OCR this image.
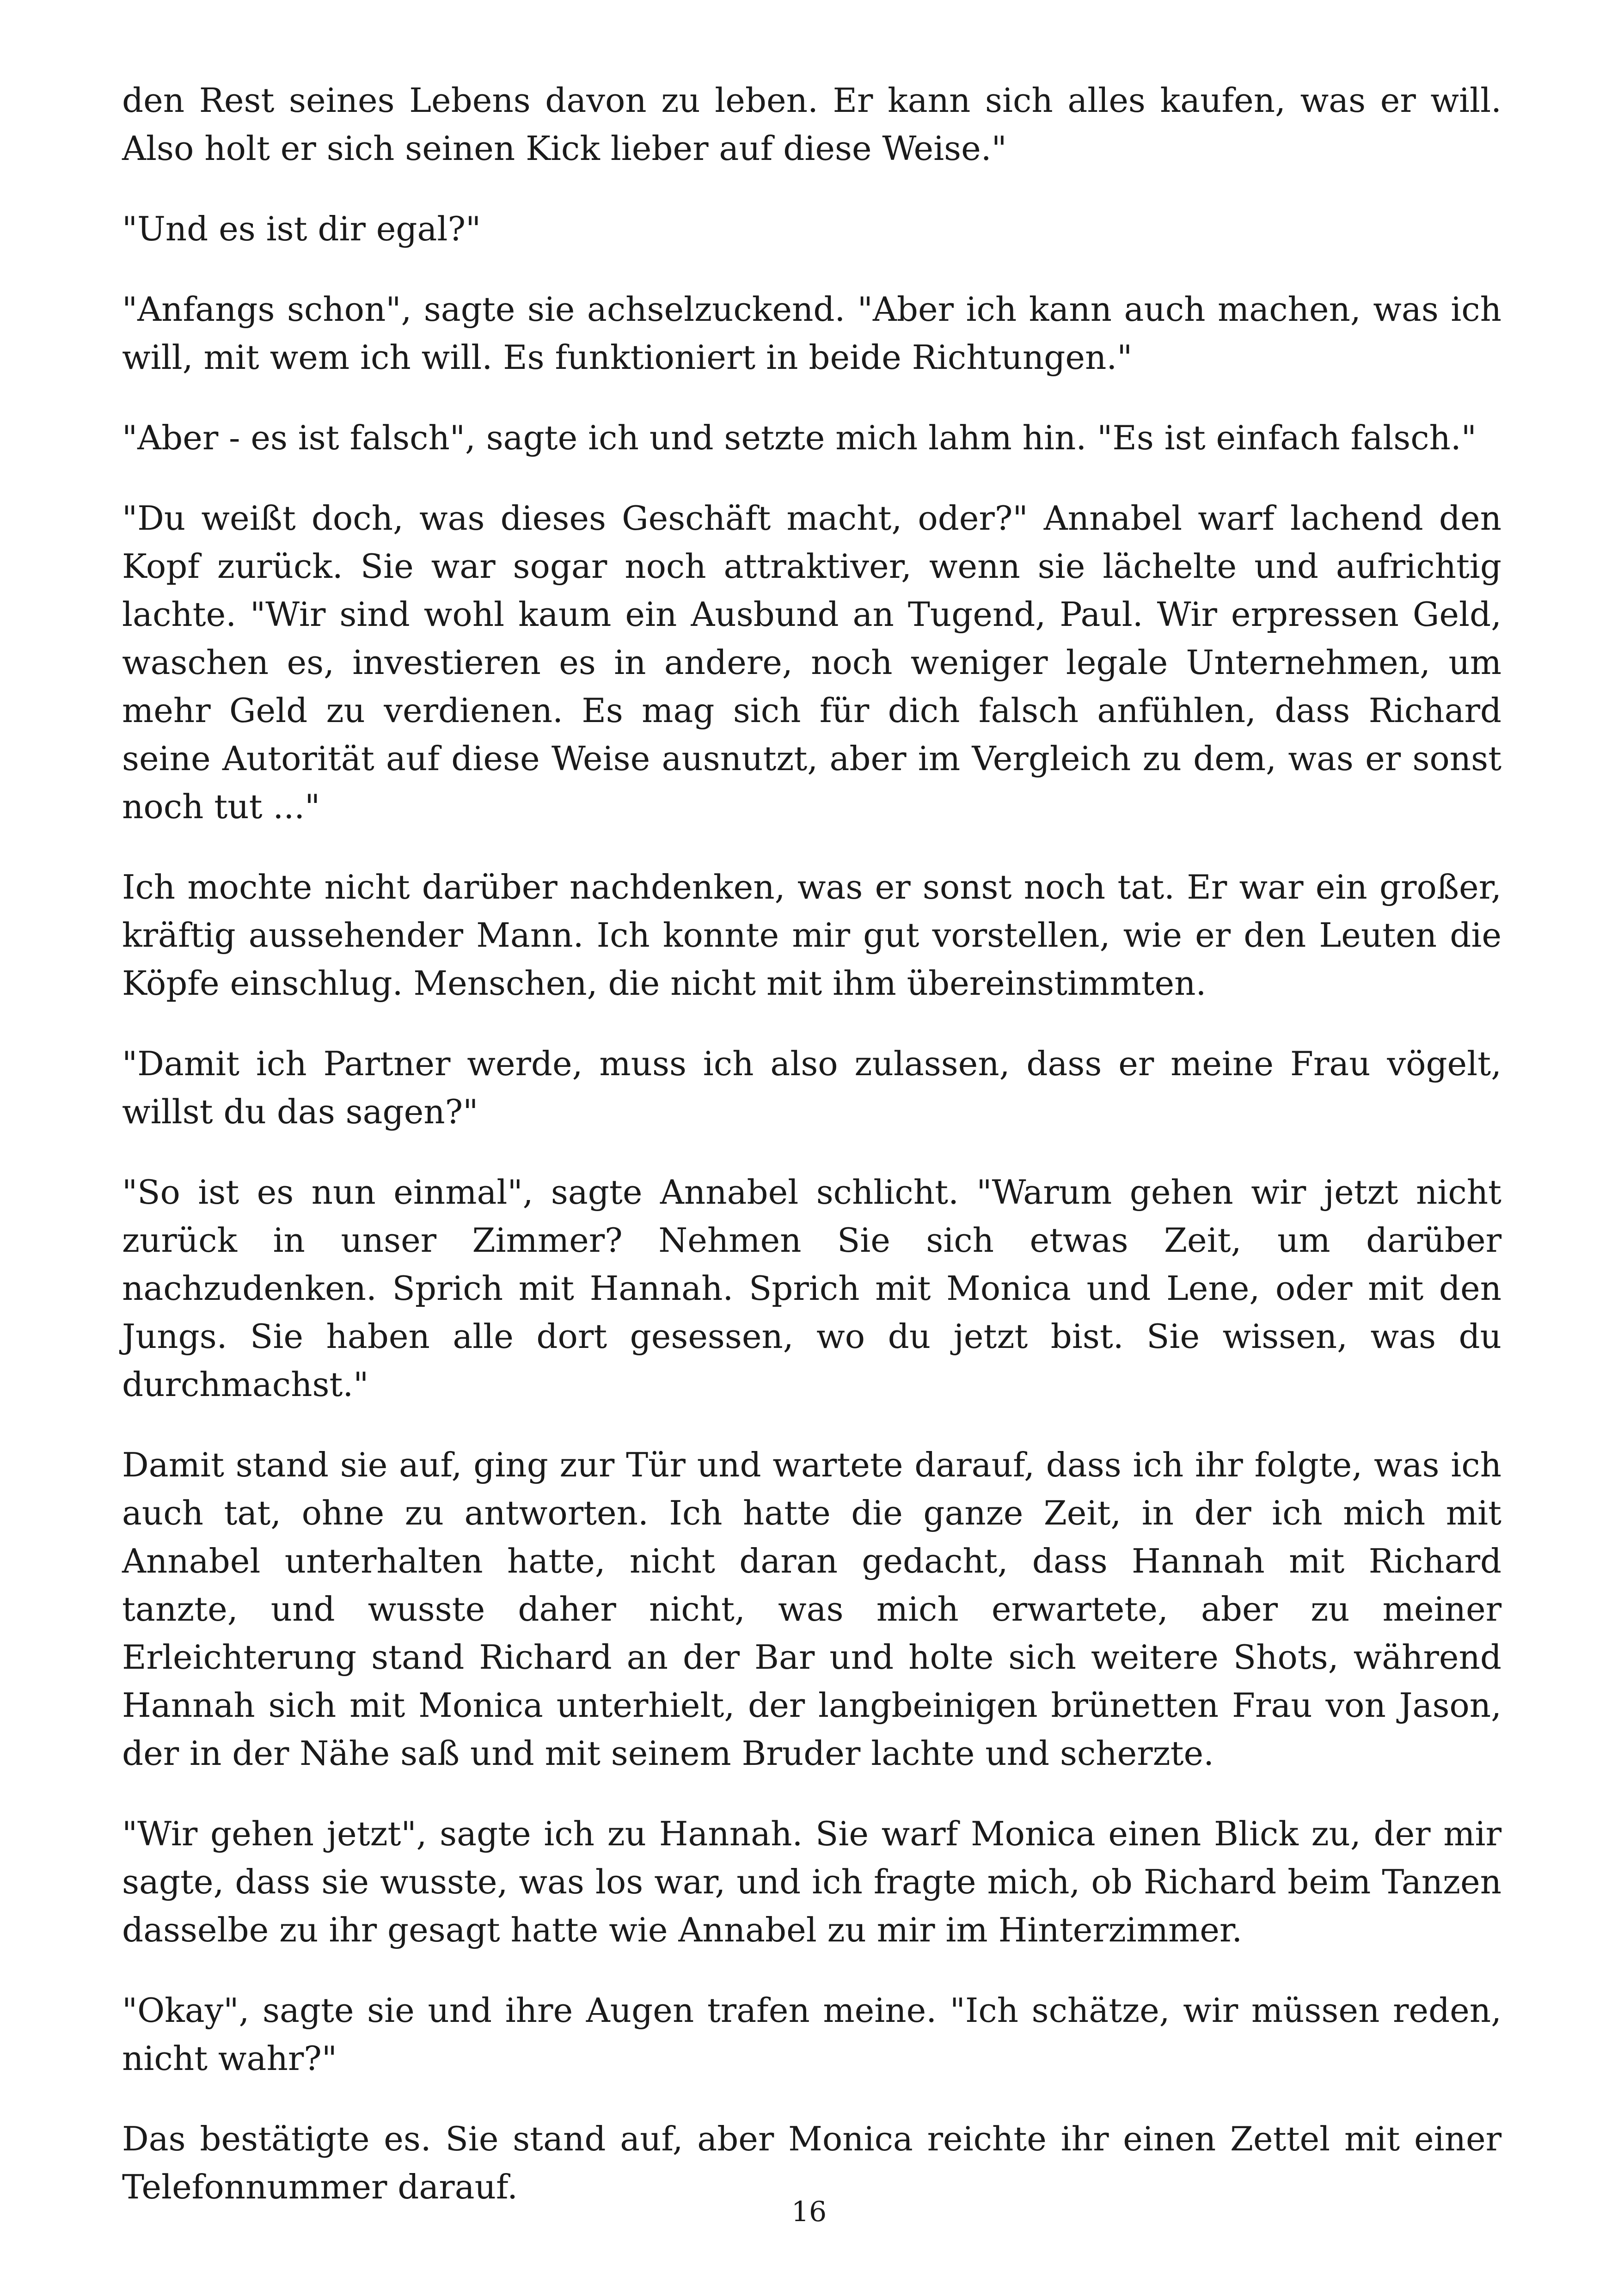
den Rest seines Lebens davon zu leben. Er kann sich alles kaufen, was er will. Also holt er sich seinen Kick lieber auf diese Weise."

"Und es ist dir egal?"

"Anfangs schon", sagte sie achselzuckend. "Aber ich kann auch machen, was ich will, mit wem ich will. Es funktioniert in beide Richtungen."

"Aber - es ist falsch", sagte ich und setzte mich lahm hin. "Es ist einfach falsch."

"Du weißt doch, was dieses Geschäft macht, oder?" Annabel warf lachend den Kopf zurück. Sie war sogar noch attraktiver, wenn sie lächelte und aufrichtig lachte. "Wir sind wohl kaum ein Ausbund an Tugend, Paul. Wir erpressen Geld, waschen es, investieren es in andere, noch weniger legale Unternehmen, um mehr Geld zu verdienen. Es mag sich für dich falsch anfühlen, dass Richard seine Autorität auf diese Weise ausnutzt, aber im Vergleich zu dem, was er sonst noch tut ..."

Ich mochte nicht darüber nachdenken, was er sonst noch tat. Er war ein großer, kräftig aussehender Mann. Ich konnte mir gut vorstellen, wie er den Leuten die Köpfe einschlug. Menschen, die nicht mit ihm übereinstimmten.

"Damit ich Partner werde, muss ich also zulassen, dass er meine Frau vögelt, willst du das sagen?"

"So ist es nun einmal", sagte Annabel schlicht. "Warum gehen wir jetzt nicht zurück in unser Zimmer? Nehmen Sie sich etwas Zeit, um darüber nachzudenken. Sprich mit Hannah. Sprich mit Monica und Lene, oder mit den Jungs. Sie haben alle dort gesessen, wo du jetzt bist. Sie wissen, was du durchmachst."

Damit stand sie auf, ging zur Tür und wartete darauf, dass ich ihr folgte, was ich auch tat, ohne zu antworten. Ich hatte die ganze Zeit, in der ich mich mit Annabel unterhalten hatte, nicht daran gedacht, dass Hannah mit Richard tanzte, und wusste daher nicht, was mich erwartete, aber zu meiner Erleichterung stand Richard an der Bar und holte sich weitere Shots, während Hannah sich mit Monica unterhielt, der langbeinigen brünetten Frau von Jason, der in der Nähe saß und mit seinem Bruder lachte und scherzte.

"Wir gehen jetzt", sagte ich zu Hannah. Sie warf Monica einen Blick zu, der mir sagte, dass sie wusste, was los war, und ich fragte mich, ob Richard beim Tanzen dasselbe zu ihr gesagt hatte wie Annabel zu mir im Hinterzimmer.

"Okay", sagte sie und ihre Augen trafen meine. "Ich schätze, wir müssen reden, nicht wahr?"

Das bestätigte es. Sie stand auf, aber Monica reichte ihr einen Zettel mit einer Telefonnummer darauf.

16
